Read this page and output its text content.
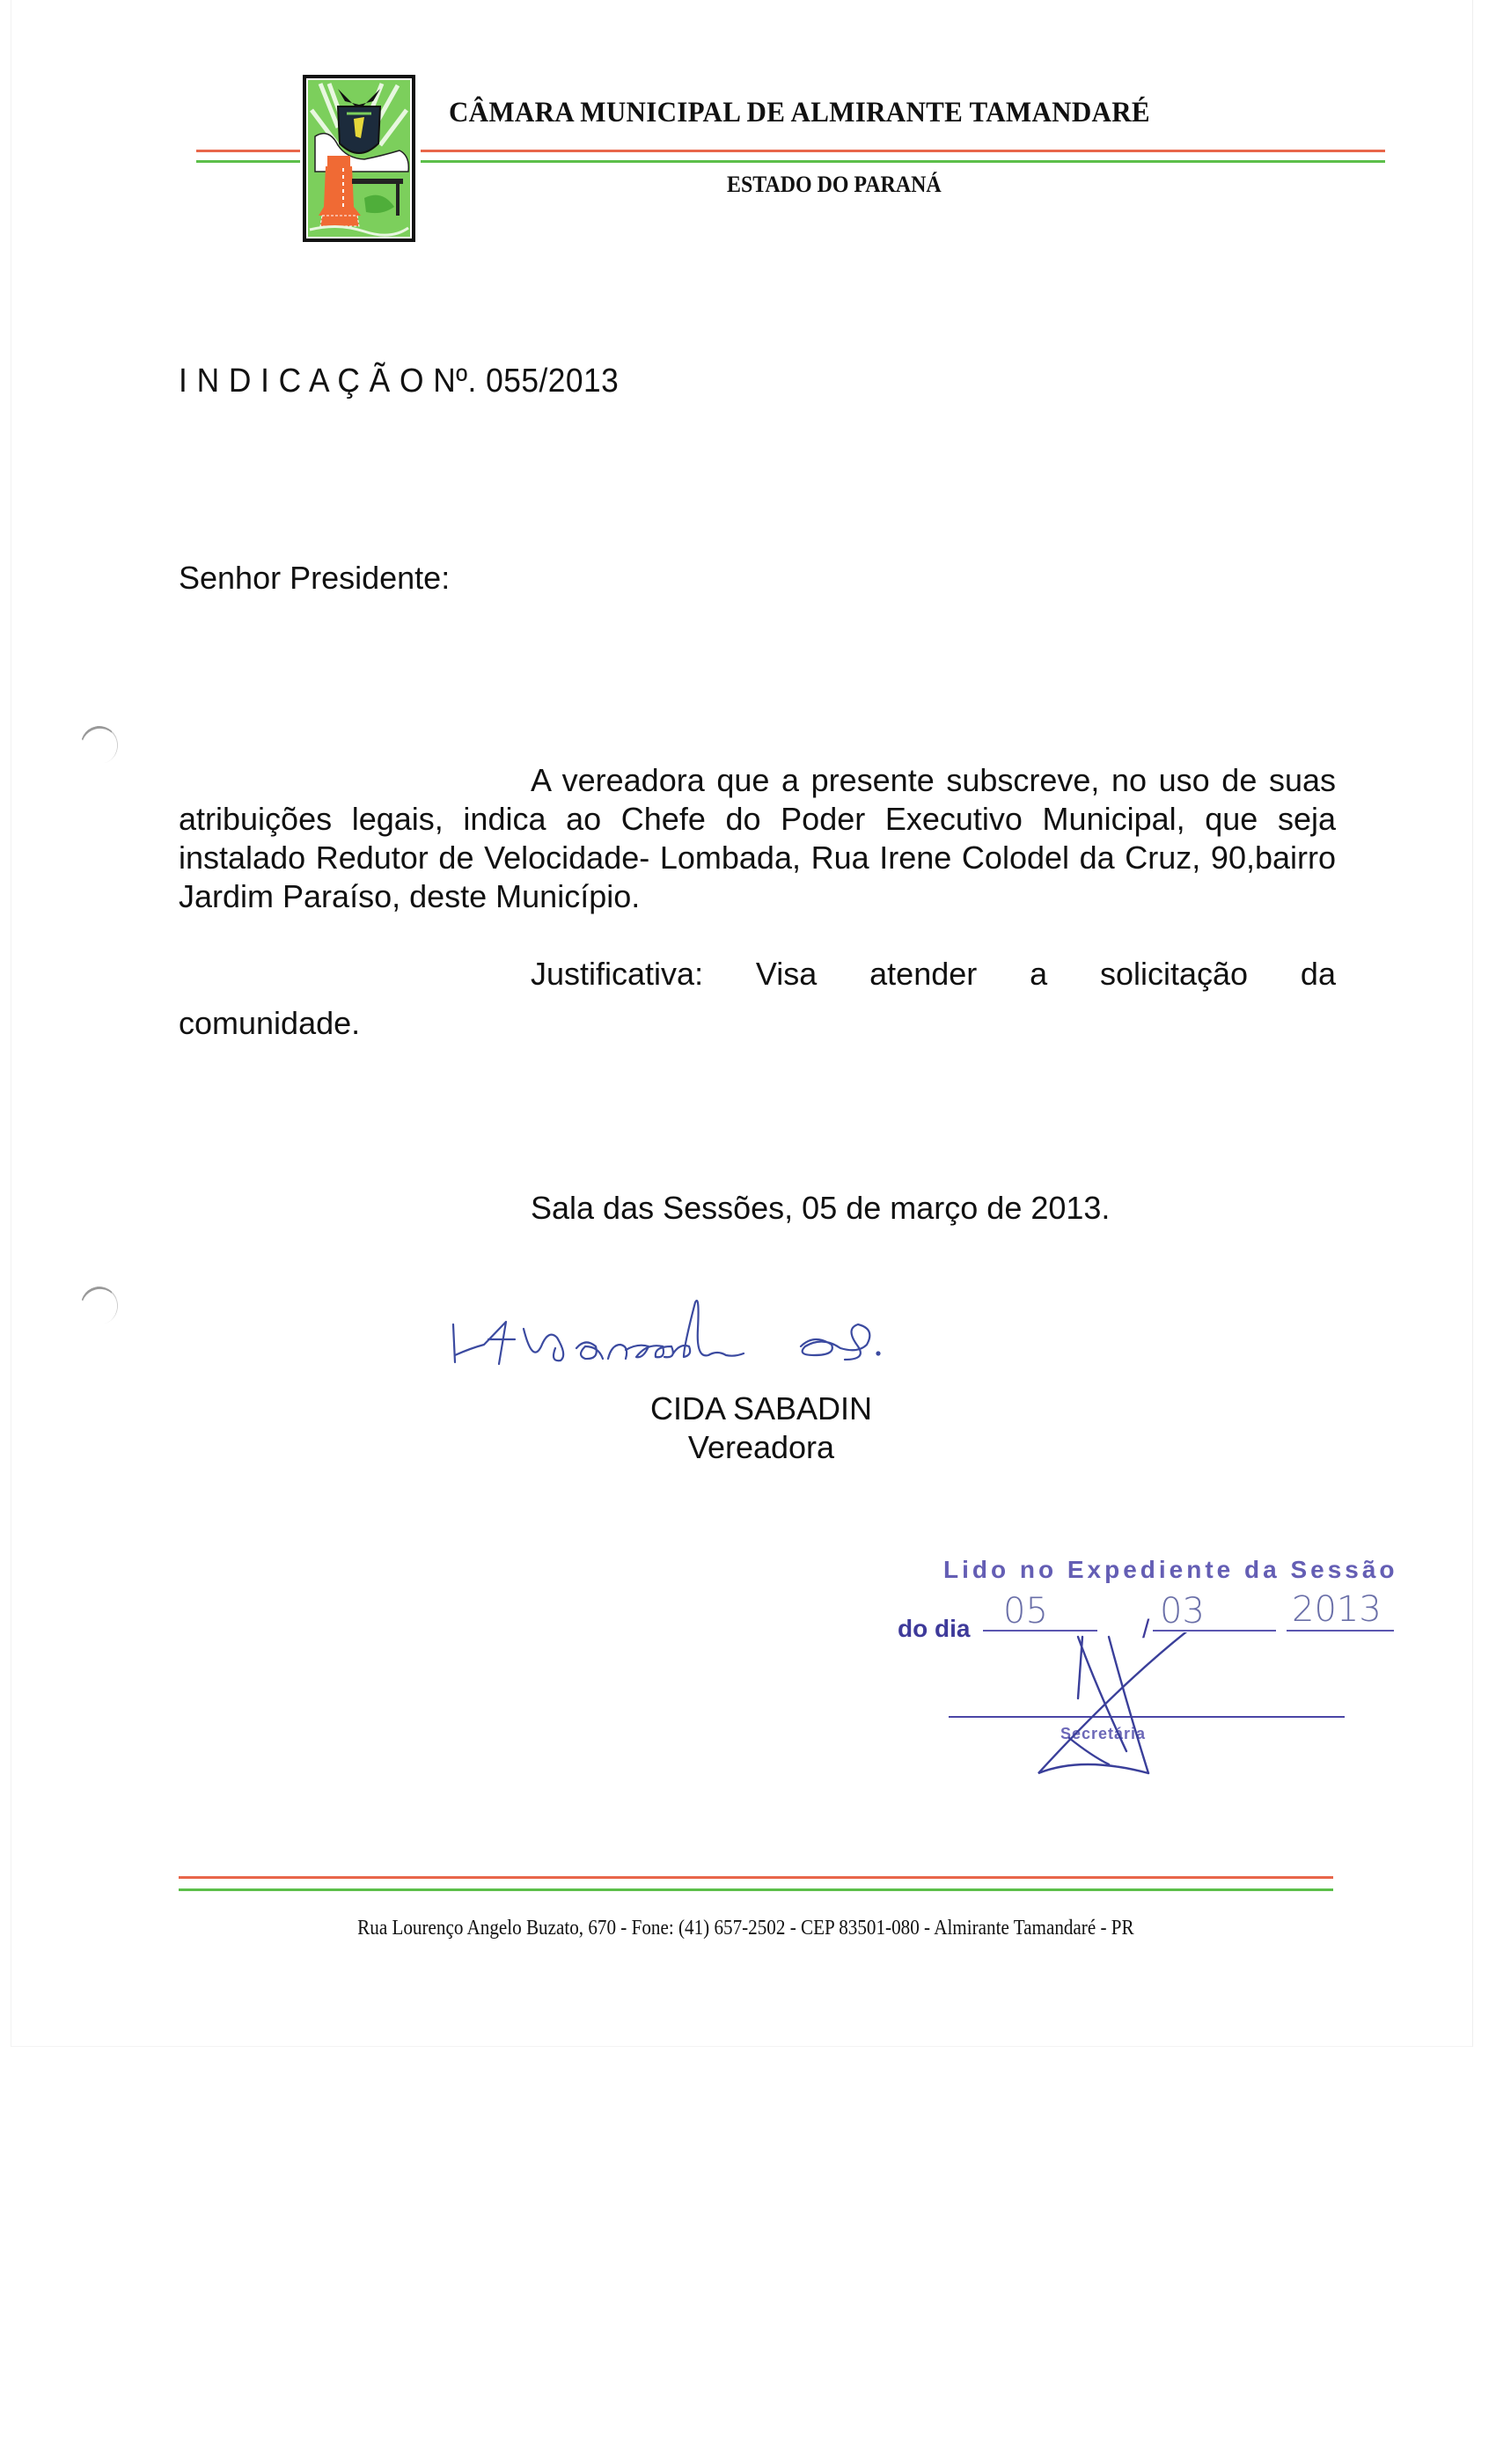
CÂMARA MUNICIPAL DE ALMIRANTE TAMANDARÉ
ESTADO DO PARANÁ
I N D I C A Ç Ã O Nº. 055/2013
Senhor Presidente:
A vereadora que a presente subscreve, no uso de suas atribuições legais, indica ao Chefe do Poder Executivo Municipal, que seja instalado Redutor de Velocidade- Lombada, Rua Irene Colodel da Cruz, 90,bairro Jardim Paraíso, deste Município.
Justificativa: Visa atender a solicitação da
comunidade.
Sala das Sessões, 05 de março de 2013.
CIDA SABADIN
Vereadora
Lido no Expediente da Sessão
do dia 05	/ 03 2013
Secretária
Rua Lourenço Angelo Buzato, 670 - Fone: (41) 657-2502 - CEP 83501-080 - Almirante Tamandaré - PR
